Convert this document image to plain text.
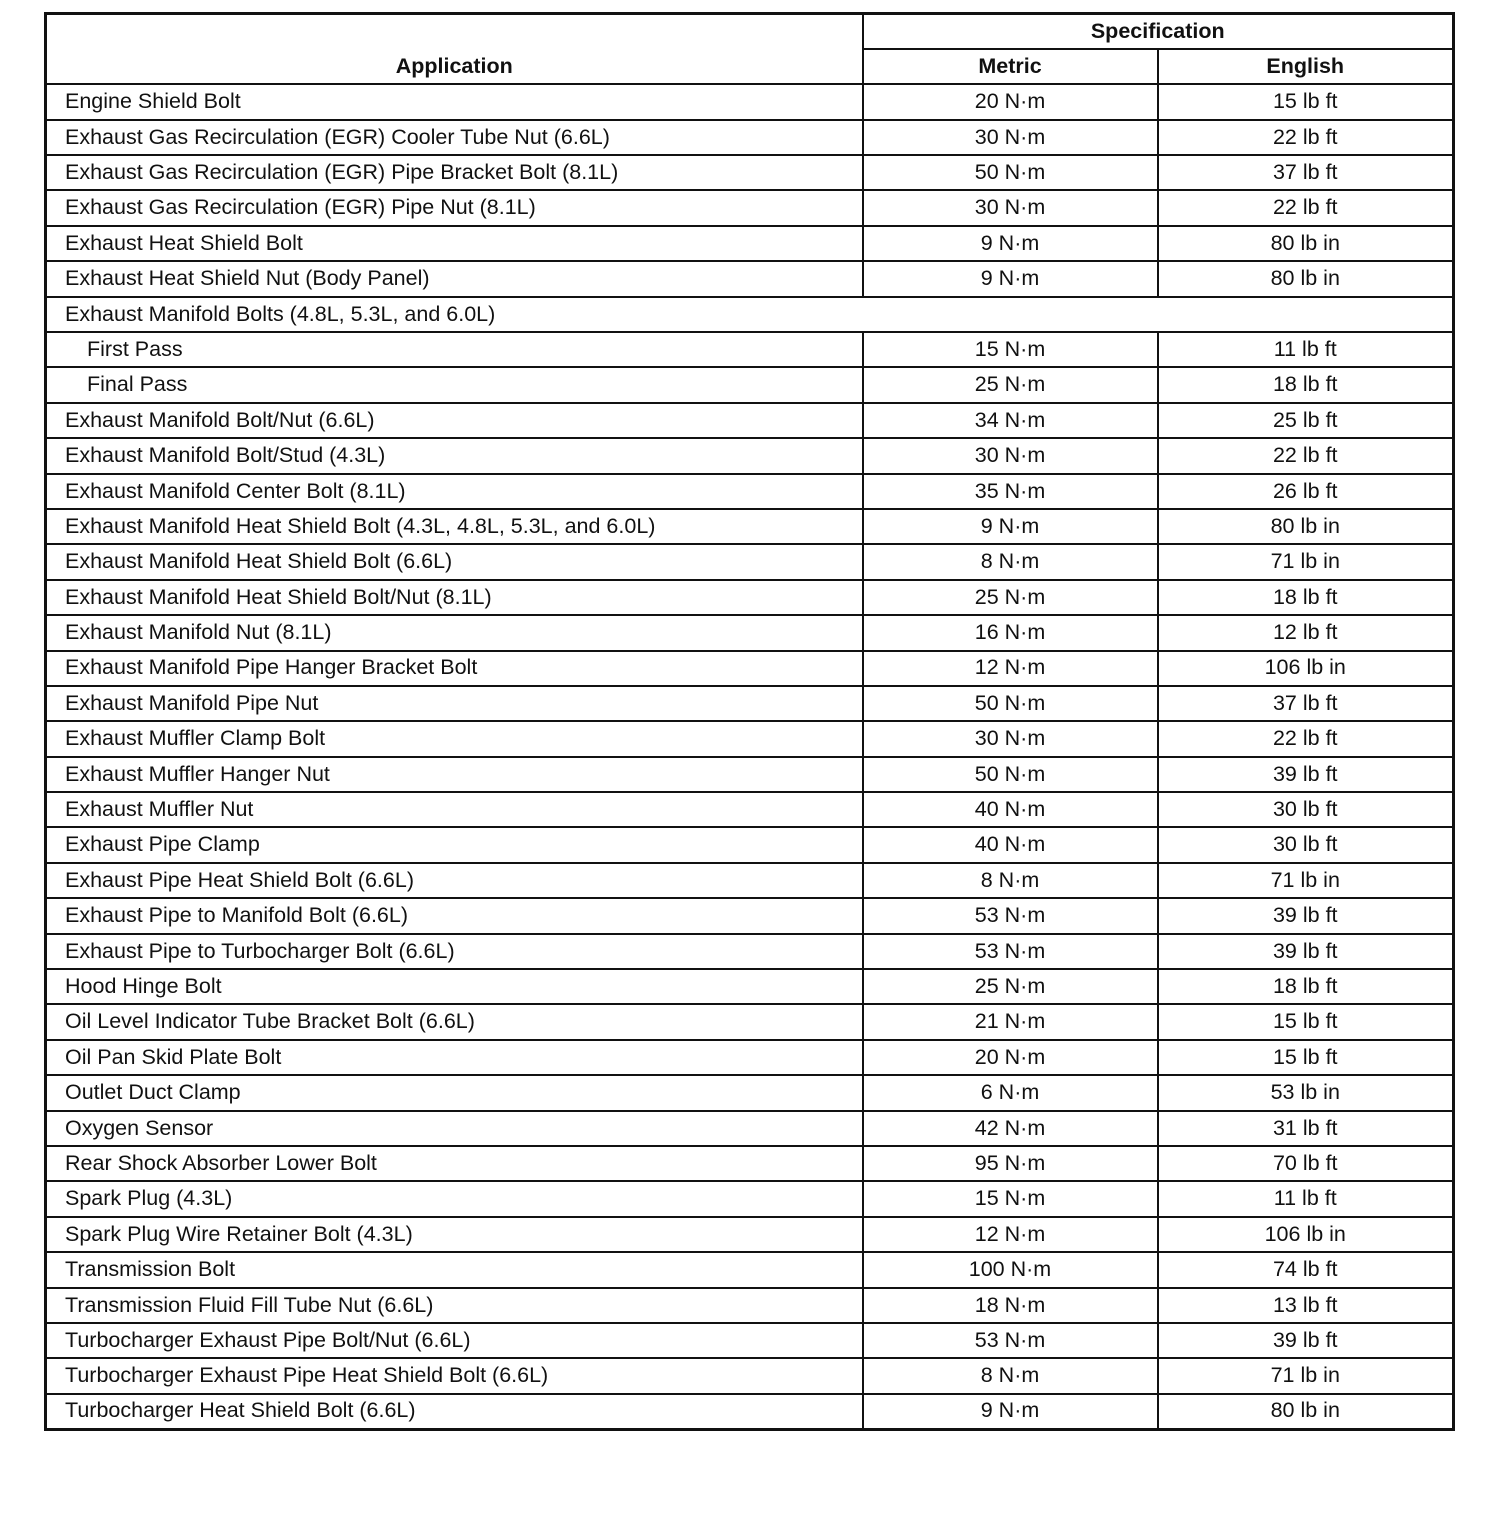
Application	Specification	
	Metric	English
Engine Shield Bolt	20 N·m	15 lb ft
Exhaust Gas Recirculation (EGR) Cooler Tube Nut (6.6L)	30 N·m	22 lb ft
Exhaust Gas Recirculation (EGR) Pipe Bracket Bolt (8.1L)	50 N·m	37 lb ft
Exhaust Gas Recirculation (EGR) Pipe Nut (8.1L)	30 N·m	22 lb ft
Exhaust Heat Shield Bolt	9 N·m	80 lb in
Exhaust Heat Shield Nut (Body Panel)	9 N·m	80 lb in
Exhaust Manifold Bolts (4.8L, 5.3L, and 6.0L)		
First Pass	15 N·m	11 lb ft
Final Pass	25 N·m	18 lb ft
Exhaust Manifold Bolt/Nut (6.6L)	34 N·m	25 lb ft
Exhaust Manifold Bolt/Stud (4.3L)	30 N·m	22 lb ft
Exhaust Manifold Center Bolt (8.1L)	35 N·m	26 lb ft
Exhaust Manifold Heat Shield Bolt (4.3L, 4.8L, 5.3L, and 6.0L)	9 N·m	80 lb in
Exhaust Manifold Heat Shield Bolt (6.6L)	8 N·m	71 lb in
Exhaust Manifold Heat Shield Bolt/Nut (8.1L)	25 N·m	18 lb ft
Exhaust Manifold Nut (8.1L)	16 N·m	12 lb ft
Exhaust Manifold Pipe Hanger Bracket Bolt	12 N·m	106 lb in
Exhaust Manifold Pipe Nut	50 N·m	37 lb ft
Exhaust Muffler Clamp Bolt	30 N·m	22 lb ft
Exhaust Muffler Hanger Nut	50 N·m	39 lb ft
Exhaust Muffler Nut	40 N·m	30 lb ft
Exhaust Pipe Clamp	40 N·m	30 lb ft
Exhaust Pipe Heat Shield Bolt (6.6L)	8 N·m	71 lb in
Exhaust Pipe to Manifold Bolt (6.6L)	53 N·m	39 lb ft
Exhaust Pipe to Turbocharger Bolt (6.6L)	53 N·m	39 lb ft
Hood Hinge Bolt	25 N·m	18 lb ft
Oil Level Indicator Tube Bracket Bolt (6.6L)	21 N·m	15 lb ft
Oil Pan Skid Plate Bolt	20 N·m	15 lb ft
Outlet Duct Clamp	6 N·m	53 lb in
Oxygen Sensor	42 N·m	31 lb ft
Rear Shock Absorber Lower Bolt	95 N·m	70 lb ft
Spark Plug (4.3L)	15 N·m	11 lb ft
Spark Plug Wire Retainer Bolt (4.3L)	12 N·m	106 lb in
Transmission Bolt	100 N·m	74 lb ft
Transmission Fluid Fill Tube Nut (6.6L)	18 N·m	13 lb ft
Turbocharger Exhaust Pipe Bolt/Nut (6.6L)	53 N·m	39 lb ft
Turbocharger Exhaust Pipe Heat Shield Bolt (6.6L)	8 N·m	71 lb in
Turbocharger Heat Shield Bolt (6.6L)	9 N·m	80 lb in
